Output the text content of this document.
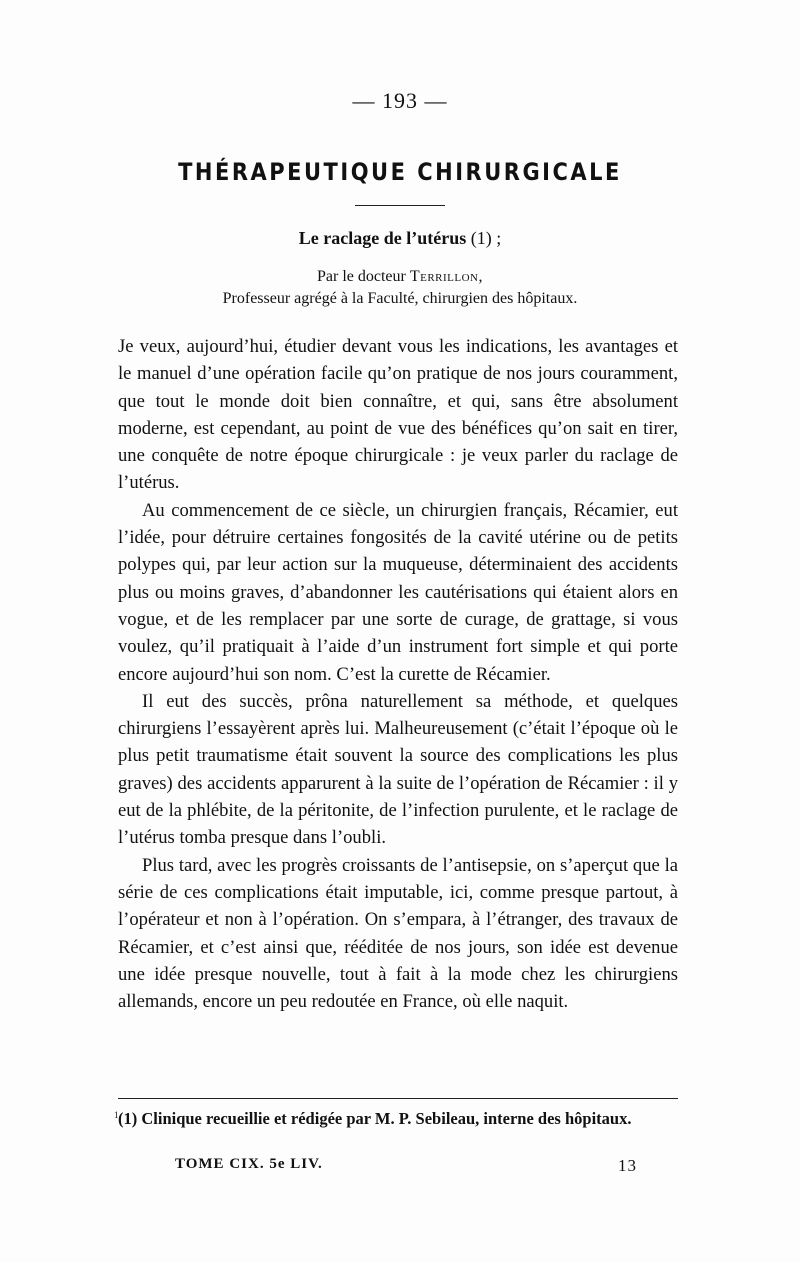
— 193 —
THÉRAPEUTIQUE CHIRURGICALE
Le raclage de l’utérus (1) ;
Par le docteur Terrillon,
Professeur agrégé à la Faculté, chirurgien des hôpitaux.

Je veux, aujourd’hui, étudier devant vous les indications, les avantages et le manuel d’une opération facile qu’on pratique de nos jours couramment, que tout le monde doit bien connaître, et qui, sans être absolument moderne, est cependant, au point de vue des bénéfices qu’on sait en tirer, une conquête de notre époque chirurgicale : je veux parler du raclage de l’utérus.

Au commencement de ce siècle, un chirurgien français, Récamier, eut l’idée, pour détruire certaines fongosités de la cavité utérine ou de petits polypes qui, par leur action sur la muqueuse, déterminaient des accidents plus ou moins graves, d’abandonner les cautérisations qui étaient alors en vogue, et de les remplacer par une sorte de curage, de grattage, si vous voulez, qu’il pratiquait à l’aide d’un instrument fort simple et qui porte encore aujourd’hui son nom. C’est la curette de Récamier.

Il eut des succès, prôna naturellement sa méthode, et quelques chirurgiens l’essayèrent après lui. Malheureusement (c’était l’époque où le plus petit traumatisme était souvent la source des complications les plus graves) des accidents apparurent à la suite de l’opération de Récamier : il y eut de la phlébite, de la péritonite, de l’infection purulente, et le raclage de l’utérus tomba presque dans l’oubli.

Plus tard, avec les progrès croissants de l’antisepsie, on s’aperçut que la série de ces complications était imputable, ici, comme presque partout, à l’opérateur et non à l’opération. On s’empara, à l’étranger, des travaux de Récamier, et c’est ainsi que, rééditée de nos jours, son idée est devenue une idée presque nouvelle, tout à fait à la mode chez les chirurgiens allemands, encore un peu redoutée en France, où elle naquit.

1 (1) Clinique recueillie et rédigée par M. P. Sebileau, interne des hôpitaux.
TOME CIX. 5e LIV.	13
